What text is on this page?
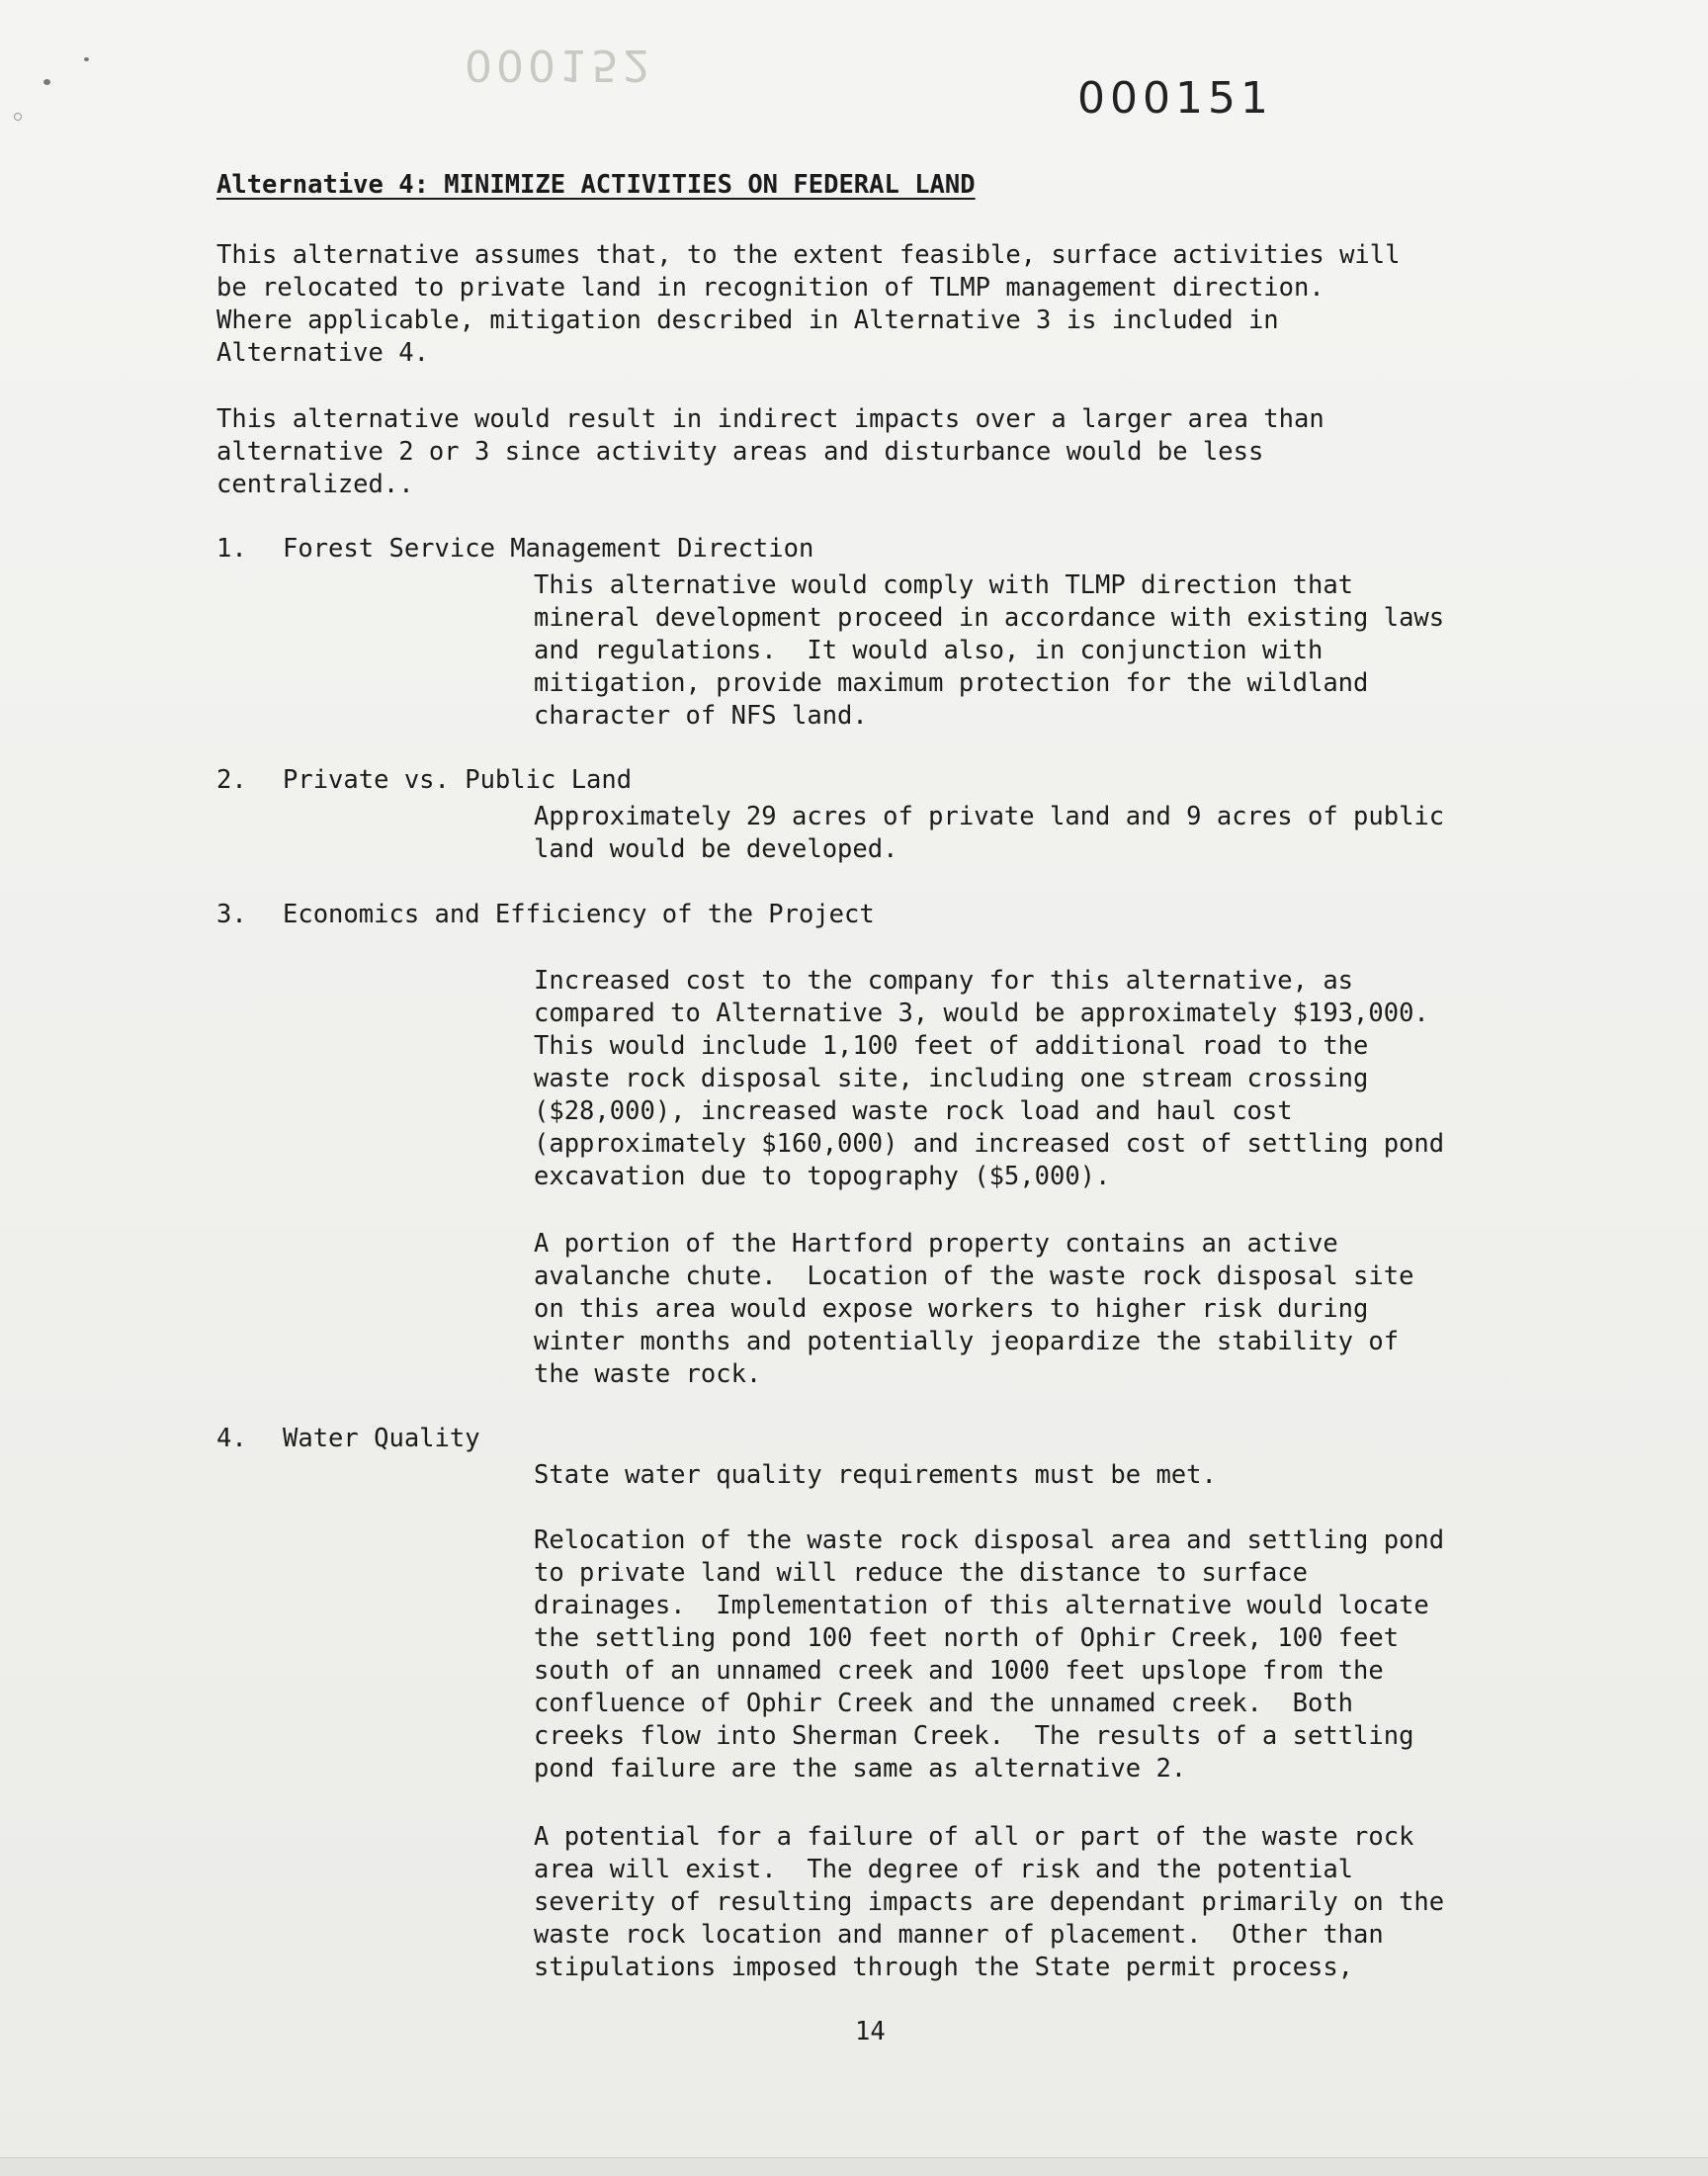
000152
000151
Alternative 4: MINIMIZE ACTIVITIES ON FEDERAL LAND
This alternative assumes that, to the extent feasible, surface activities will
be relocated to private land in recognition of TLMP management direction.
Where applicable, mitigation described in Alternative 3 is included in
Alternative 4.
This alternative would result in indirect impacts over a larger area than
alternative 2 or 3 since activity areas and disturbance would be less
centralized..
1. Forest Service Management Direction
This alternative would comply with TLMP direction that
mineral development proceed in accordance with existing laws
and regulations.  It would also, in conjunction with
mitigation, provide maximum protection for the wildland
character of NFS land.
2. Private vs. Public Land
Approximately 29 acres of private land and 9 acres of public
land would be developed.
3. Economics and Efficiency of the Project
Increased cost to the company for this alternative, as
compared to Alternative 3, would be approximately $193,000.
This would include 1,100 feet of additional road to the
waste rock disposal site, including one stream crossing
($28,000), increased waste rock load and haul cost
(approximately $160,000) and increased cost of settling pond
excavation due to topography ($5,000).
A portion of the Hartford property contains an active
avalanche chute.  Location of the waste rock disposal site
on this area would expose workers to higher risk during
winter months and potentially jeopardize the stability of
the waste rock.
4. Water Quality
State water quality requirements must be met.
Relocation of the waste rock disposal area and settling pond
to private land will reduce the distance to surface
drainages.  Implementation of this alternative would locate
the settling pond 100 feet north of Ophir Creek, 100 feet
south of an unnamed creek and 1000 feet upslope from the
confluence of Ophir Creek and the unnamed creek.  Both
creeks flow into Sherman Creek.  The results of a settling
pond failure are the same as alternative 2.
A potential for a failure of all or part of the waste rock
area will exist.  The degree of risk and the potential
severity of resulting impacts are dependant primarily on the
waste rock location and manner of placement.  Other than
stipulations imposed through the State permit process,
14
